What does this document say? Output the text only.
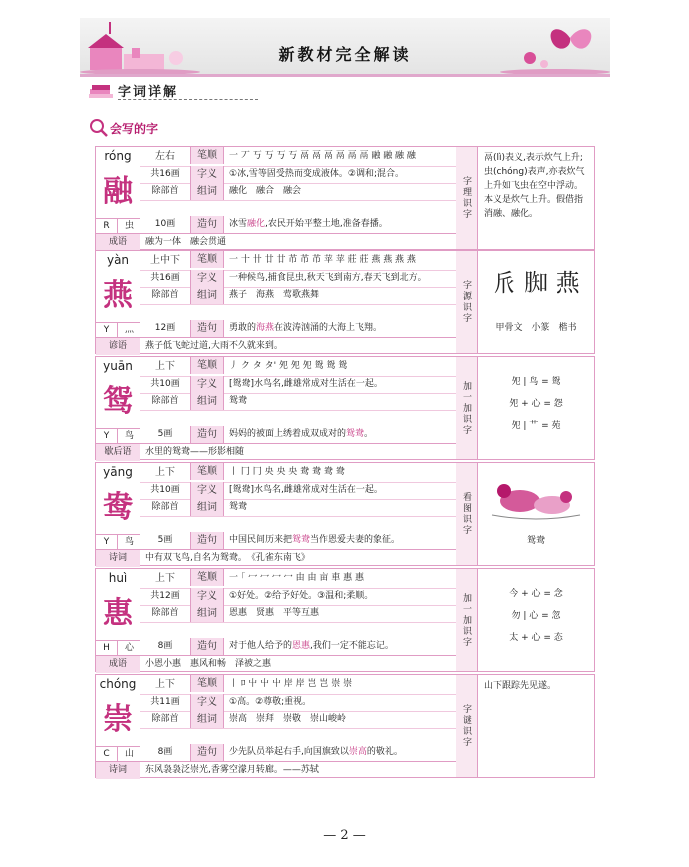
新教材完全解读
字词详解
会写的字
róng	左右	笔顺	一 丆 丂 丂 丂 丂 鬲 鬲 鬲 鬲 鬲 鬲 融 融 融 融
融	共16画	字义	①冰,雪等固受热而变成液体。②调和;混合。
除部首	组词	融化　融合　融会
R	虫	10画	造句	冰雪融化,农民开始平整土地,准备春播。
成语	融为一体　融会贯通
字理识字
鬲(lì)表义,表示炊气上升;虫(chóng)表声,亦表炊气上升如飞虫在空中浮动。本义是炊气上升。假借指消融、融化。
yàn	上中下	笔顺	一 十 卄 廿 廿 芇 芇 芇 苹 苹 莊 莊 燕 燕 燕 燕
燕	共16画	字义	一种候鸟,捕食昆虫,秋天飞到南方,春天飞到北方。
除部首	组词	燕子　海燕　莺歌燕舞
Y	灬	12画	造句	勇敢的海燕在波涛汹涌的大海上飞翔。
谚语	燕子低飞蛇过道,大雨不久就来到。
字源识字 𠂢 𦝔 燕
甲骨文　小篆　楷书
yuān	上下	笔顺	丿 ク タ タ' 夗 夗 夗 鸳 鸳 鸳
鸳	共10画	字义	[鸳鸯]水鸟名,雌雄常成对生活在一起。
除部首	组词	鸳鸯
Y	鸟	5画	造句	妈妈的被面上绣着成双成对的鸳鸯。
歇后语	水里的鸳鸯——形影相随
加一加识字	夗 | 鸟 = 鸳
夗 + 心 = 怨
夗 | 艹 = 苑
yāng	上下	笔顺	丨 冂 冂 央 央 央 鸯 鸯 鸯 鸯
鸯	共10画	字义	[鸳鸯]水鸟名,雌雄常成对生活在一起。
除部首	组词	鸳鸯
Y	鸟	5画	造句	中国民间历来把鸳鸯当作恩爱夫妻的象征。
诗词	中有双飞鸟,自名为鸳鸯。　《孔雀东南飞》
看图识字
鸳鸯
huì	上下	笔顺	一 ｢ 冖 冖 冖 冖 由 由 亩 車 惠 惠
惠	共12画	字义	①好处。②给予好处。③温和;柔顺。
除部首	组词	恩惠　贤惠　平等互惠
H	心	8画	造句	对于他人给予的恩惠,我们一定不能忘记。
成语	小恩小惠　惠风和畅　泽被之惠
加一加识字	今 + 心 = 念
勿 | 心 = 忽
太 + 心 = 态
chóng	上下	笔顺	丨 ﾛ 屮 屮 屮 岸 岸 岂 岂 崇 崇
崇	共11画	字义	①高。②尊敬;重视。
除部首	组词	崇高　崇拜　崇敬　崇山峻岭
C	山	8画	造句	少先队员举起右手,向国旗致以崇高的敬礼。
诗词	东风袅袅泛崇光,香雾空濛月转廊。——苏轼
字谜识字
山下跟踪先见遂。
— 2 —
